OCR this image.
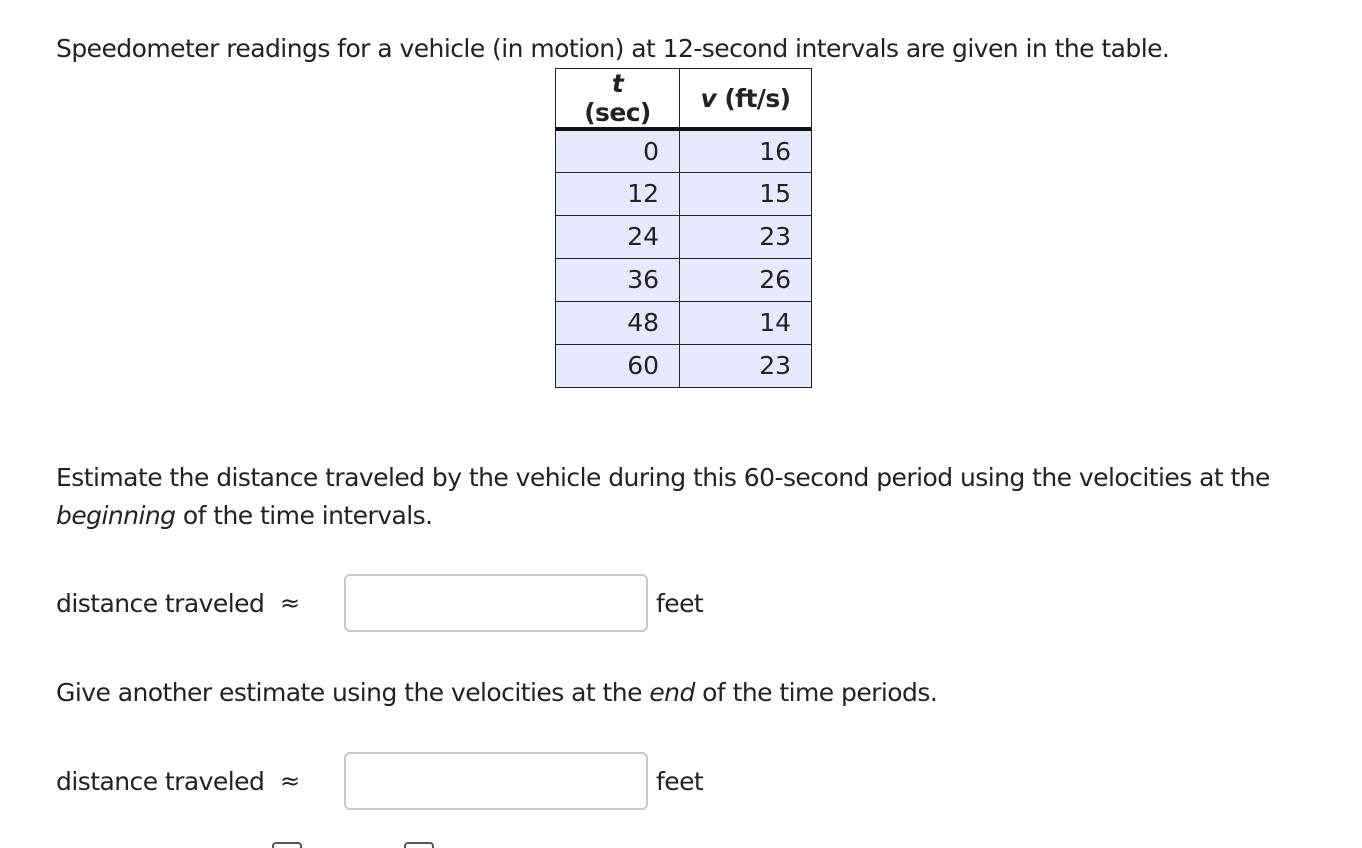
Speedometer readings for a vehicle (in motion) at 12-second intervals are given in the table.
t (sec)	v (ft/s)
0	16
12	15
24	23
36	26
48	14
60	23
Estimate the distance traveled by the vehicle during this 60-second period using the velocities at the beginning of the time intervals.
distance traveled ≈	feet
Give another estimate using the velocities at the end of the time periods.
distance traveled ≈	feet
